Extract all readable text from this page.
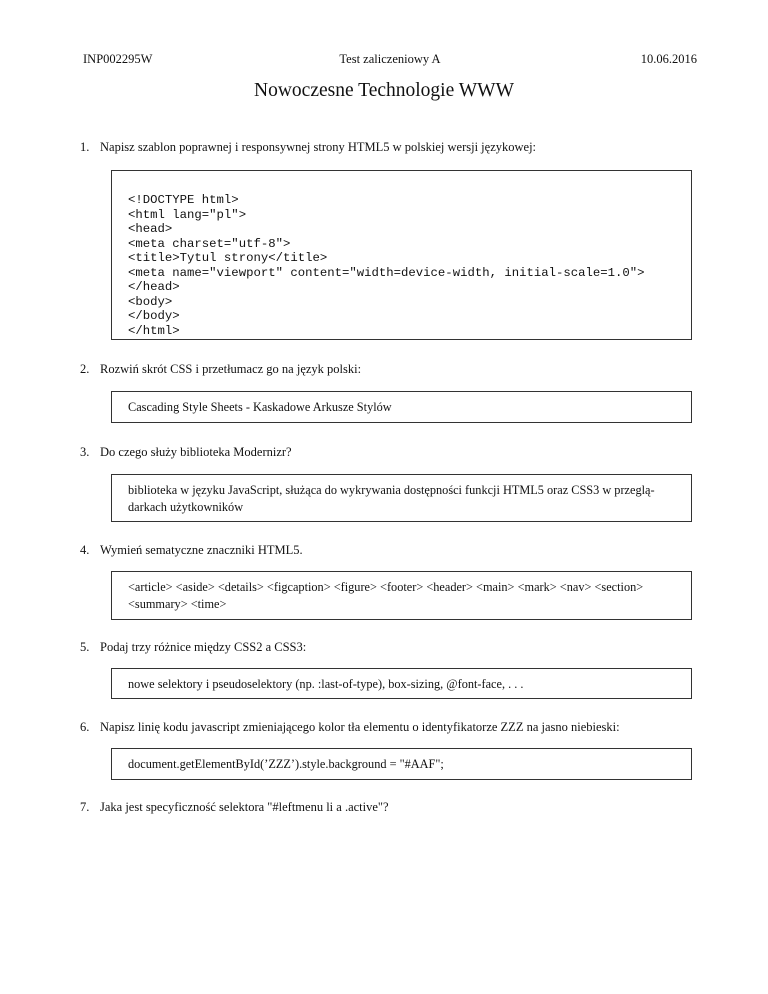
INP002295W	Test zaliczeniowy A	10.06.2016
Nowoczesne Technologie WWW
1. Napisz szablon poprawnej i responsywnej strony HTML5 w polskiej wersji językowej:
<!DOCTYPE html>
<html lang="pl">
<head>
<meta charset="utf-8">
<title>Tytul strony</title>
<meta name="viewport" content="width=device-width, initial-scale=1.0">
</head>
<body>
</body>
</html>
2. Rozwiń skrót CSS i przetłumacz go na język polski:
Cascading Style Sheets - Kaskadowe Arkusze Stylów
3. Do czego służy biblioteka Modernizr?
biblioteka w języku JavaScript, służąca do wykrywania dostępności funkcji HTML5 oraz CSS3 w przeglą-
darkach użytkowników
4. Wymień sematyczne znaczniki HTML5.
<article> <aside> <details> <figcaption> <figure> <footer> <header> <main> <mark> <nav> <section>
<summary> <time>
5. Podaj trzy różnice między CSS2 a CSS3:
nowe selektory i pseudoselektory (np. :last-of-type), box-sizing, @font-face, . . .
6. Napisz linię kodu javascript zmieniającego kolor tła elementu o identyfikatorze ZZZ na jasno niebieski:
document.getElementById(’ZZZ’).style.background = "#AAF";
7. Jaka jest specyficzność selektora "#leftmenu li a .active"?
